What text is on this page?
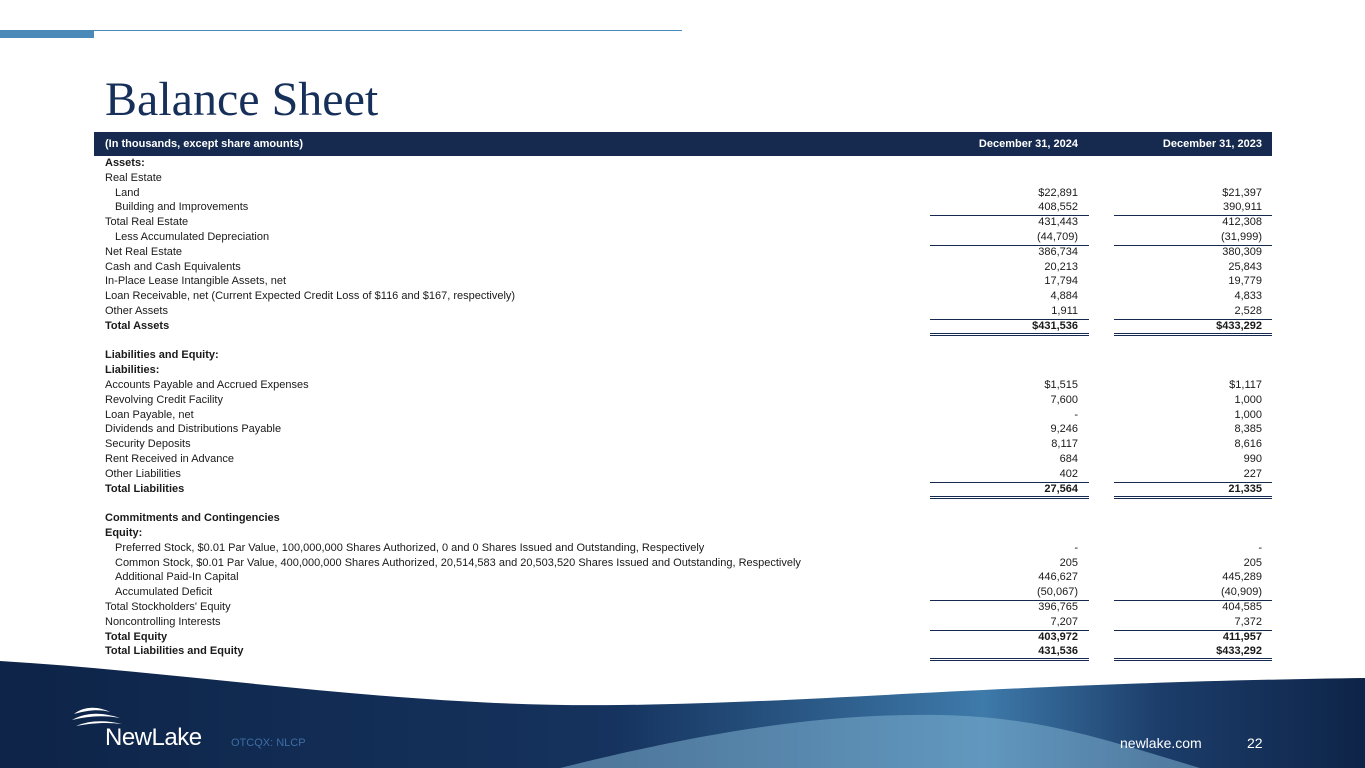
Balance Sheet
(In thousands, except share amounts)	December 31, 2024	December 31, 2023
Assets:
Real Estate
Land	$22,891	$21,397
Building and Improvements	408,552	390,911
Total Real Estate	431,443	412,308
Less Accumulated Depreciation	(44,709)	(31,999)
Net Real Estate	386,734	380,309
Cash and Cash Equivalents	20,213	25,843
In-Place Lease Intangible Assets, net	17,794	19,779
Loan Receivable, net (Current Expected Credit Loss of $116 and $167, respectively)	4,884	4,833
Other Assets	1,911	2,528
Total Assets	$431,536	$433,292
Liabilities and Equity:
Liabilities:
Accounts Payable and Accrued Expenses	$1,515	$1,117
Revolving Credit Facility	7,600	1,000
Loan Payable, net	-	1,000
Dividends and Distributions Payable	9,246	8,385
Security Deposits	8,117	8,616
Rent Received in Advance	684	990
Other Liabilities	402	227
Total Liabilities	27,564	21,335
Commitments and Contingencies
Equity:
Preferred Stock, $0.01 Par Value, 100,000,000 Shares Authorized, 0 and 0 Shares Issued and Outstanding, Respectively	-	-
Common Stock, $0.01 Par Value, 400,000,000 Shares Authorized, 20,514,583 and 20,503,520 Shares Issued and Outstanding, Respectively	205	205
Additional Paid-In Capital	446,627	445,289
Accumulated Deficit	(50,067)	(40,909)
Total Stockholders' Equity	396,765	404,585
Noncontrolling Interests	7,207	7,372
Total Equity	403,972	411,957
Total Liabilities and Equity	431,536	$433,292
NewLake	OTCQX: NLCP	newlake.com	22
